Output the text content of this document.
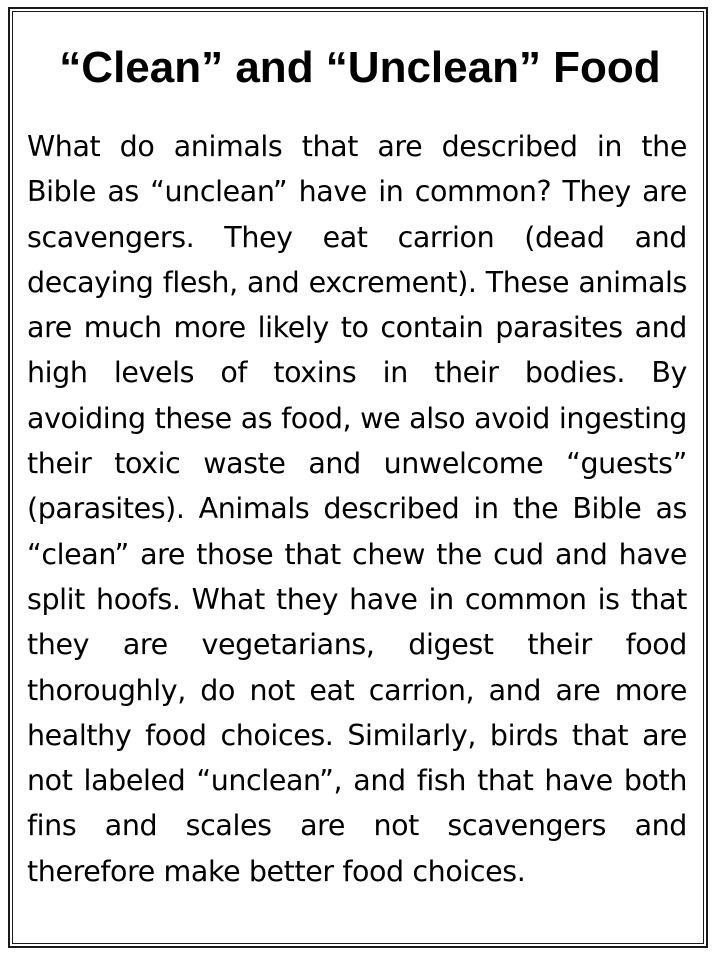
“Clean” and “Unclean” Food

What do animals that are described in the Bible as “unclean” have in common? They are scavengers. They eat carrion (dead and decaying flesh, and excrement). These animals are much more likely to contain parasites and high levels of toxins in their bodies. By avoiding these as food, we also avoid ingesting their toxic waste and unwelcome “guests” (parasites). Animals described in the Bible as “clean” are those that chew the cud and have split hoofs. What they have in common is that they are vegetarians, digest their food thoroughly, do not eat carrion, and are more healthy food choices. Similarly, birds that are not labeled “unclean”, and fish that have both fins and scales are not scavengers and therefore make better food choices.
